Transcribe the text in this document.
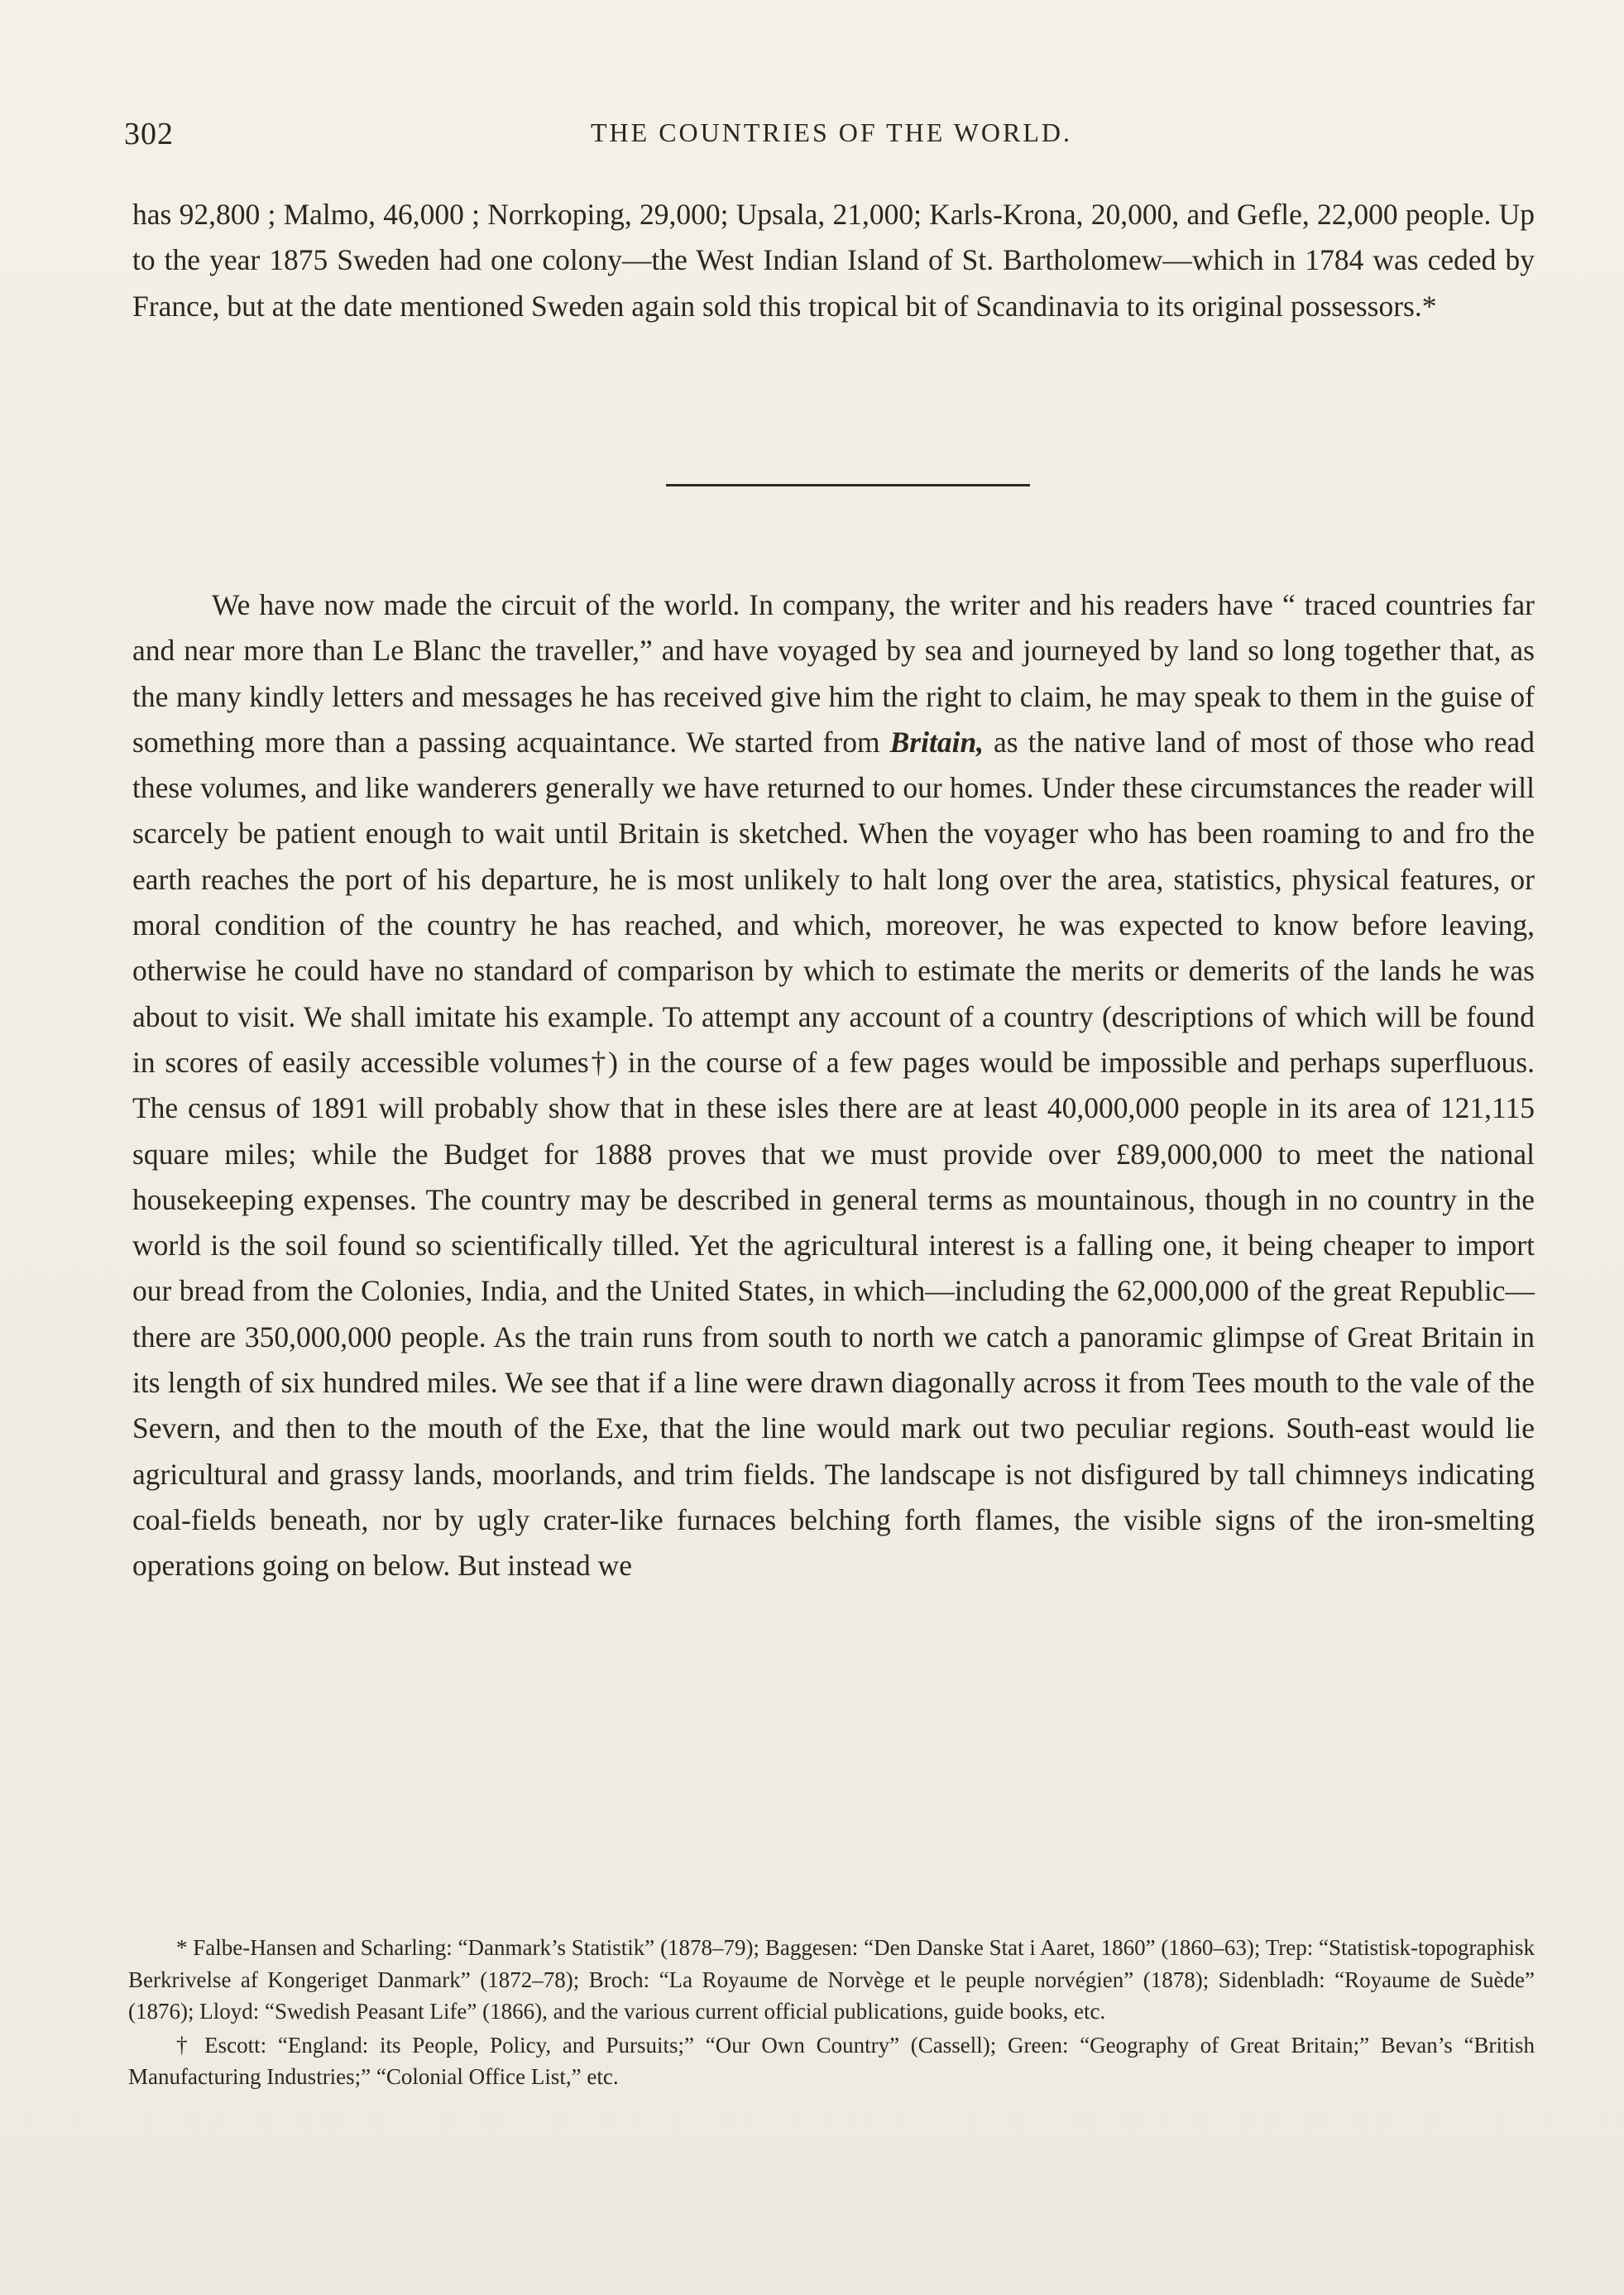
302	THE COUNTRIES OF THE WORLD.

has 92,800 ; Malmo, 46,000 ; Norrkoping, 29,000; Upsala, 21,000; Karls-Krona, 20,000, and Gefle, 22,000 people. Up to the year 1875 Sweden had one colony—the West Indian Island of St. Bartholomew—which in 1784 was ceded by France, but at the date mentioned Sweden again sold this tropical bit of Scandinavia to its original possessors.*

We have now made the circuit of the world. In company, the writer and his readers have “ traced countries far and near more than Le Blanc the traveller,” and have voyaged by sea and journeyed by land so long together that, as the many kindly letters and messages he has received give him the right to claim, he may speak to them in the guise of something more than a passing acquaintance. We started from Britain, as the native land of most of those who read these volumes, and like wanderers generally we have returned to our homes. Under these circumstances the reader will scarcely be patient enough to wait until Britain is sketched. When the voyager who has been roaming to and fro the earth reaches the port of his departure, he is most unlikely to halt long over the area, statistics, physical features, or moral condition of the country he has reached, and which, moreover, he was expected to know before leaving, otherwise he could have no standard of comparison by which to estimate the merits or demerits of the lands he was about to visit. We shall imitate his example. To attempt any account of a country (descriptions of which will be found in scores of easily accessible volumes†) in the course of a few pages would be impossible and perhaps superfluous. The census of 1891 will probably show that in these isles there are at least 40,000,000 people in its area of 121,115 square miles; while the Budget for 1888 proves that we must provide over £89,000,000 to meet the national housekeeping expenses. The country may be described in general terms as mountainous, though in no country in the world is the soil found so scientifically tilled. Yet the agricultural interest is a falling one, it being cheaper to import our bread from the Colonies, India, and the United States, in which—including the 62,000,000 of the great Republic—there are 350,000,000 people. As the train runs from south to north we catch a panoramic glimpse of Great Britain in its length of six hundred miles. We see that if a line were drawn diagonally across it from Tees mouth to the vale of the Severn, and then to the mouth of the Exe, that the line would mark out two peculiar regions. South-east would lie agricultural and grassy lands, moorlands, and trim fields. The landscape is not disfigured by tall chimneys indicating coal-fields beneath, nor by ugly crater-like furnaces belching forth flames, the visible signs of the iron-smelting operations going on below. But instead we

* Falbe-Hansen and Scharling: “Danmark’s Statistik” (1878–79); Baggesen: “Den Danske Stat i Aaret, 1860” (1860–63); Trep: “Statistisk-topographisk Berkrivelse af Kongeriget Danmark” (1872–78); Broch: “La Royaume de Norvège et le peuple norvégien” (1878); Sidenbladh: “Royaume de Suède” (1876); Lloyd: “Swedish Peasant Life” (1866), and the various current official publications, guide books, etc.

† Escott: “England: its People, Policy, and Pursuits;” “Our Own Country” (Cassell); Green: “Geography of Great Britain;” Bevan’s “British Manufacturing Industries;” “Colonial Office List,” etc.
